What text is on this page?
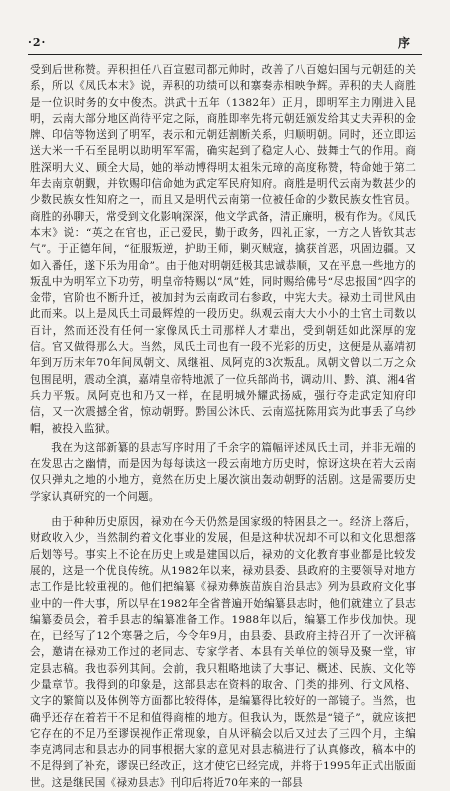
·2·	序

受到后世称赞。弄积担任八百宣慰司都元帅时，改善了八百媳妇国与元朝廷的关系，所以《凤氏本末》说，弄积的功绩可以和寨奏赤相映争辉。弄积的夫人商胜是一位识时务的女中俊杰。洪武十五年（1382年）正月，即明军主力刚进入昆明，云南大部分地区尚待平定之际，商胜即率先将元朝廷颁发给其丈夫弄积的金牌、印信等物送到了明军，表示和元朝廷割断关系，归顺明朝。同时，还立即运送大米一千石至昆明以助明军军需，确实起到了稳定人心、鼓舞士气的作用。商胜深明大义、顾全大局，她的举动博得明太祖朱元璋的高度称赞，特命她于第二年去南京朝觐，并钦赐印信命她为武定军民府知府。商胜是明代云南为数甚少的少数民族女性知府之一，而且又是明代云南第一位被任命的少数民族女性官员。商胜的孙聊天，常受到文化影响深深，他文学武备，清正廉明，极有作为。《凤氏本末》说：“英之在官也，正己爱民，勤于政务，四礼正家，一方之人皆钦其志气”。于正德年间，“征服叛逆，护助王师，剿灭贼寇，擒获首恶，巩固边疆。又如入番任，遂下乐为用命”。由于他对明朝廷极其忠诚恭顺，又在平息一些地方的叛乱中为明军立下功劳，明皇帝特赐以“凤”姓，同时赐给佛号“尽忠报国”四字的金带，官阶也不断升迁，被加封为云南政司右参政，中宪大夫。禄劝土司世风由此而来。以上是凤氏土司最辉煌的一段历史。纵观云南大大小小的土官土司数以百计，然而还没有任何一家像凤氏土司那样人才辈出，受到朝廷如此深厚的宠信。官又做得那么大。当然，凤氏土司也有一段不光彩的历史，这便是从嘉靖初年到万历末年70年间凤朝文、凤继祖、凤阿克的3次叛乱。凤朝文曾以二万之众包围昆明，震动全滇，嘉靖皇帝特地派了一位兵部尚书，调动川、黔、滇、湘4省兵力平叛。凤阿克也和乃又一样，在昆明城外耀武扬威，强行夺走武定知府印信，又一次震撼全省，惊动朝野。黔国公沐氏、云南巡抚陈用宾为此事丢了乌纱帽，被投入监狱。

我在为这部新纂的县志写序时用了千余字的篇幅评述凤氏土司，并非无端的在发思古之幽情，而是因为每每读这一段云南地方历史时，惊讶这块在若大云南仅只弹丸之地的小地方，竟然在历史上屡次演出轰动朝野的活剧。这是需要历史学家认真研究的一个问题。

由于种种历史原因，禄劝在今天仍然是国家级的特困县之一。经济上落后，财政收入少，当然制约着文化事业的发展，但是这种状况却不可以和文化思想落后划等号。事实上不论在历史上或是建国以后，禄劝的文化教育事业都是比较发展的，这是一个优良传统。从1982年以来，禄劝县委、县政府的主要领导对地方志工作是比较重视的。他们把编纂《禄劝彝族苗族自治县志》列为县政府文化事业中的一件大事，所以早在1982年全省普遍开始编纂县志时，他们就建立了县志编纂委员会，着手县志的编纂准备工作。1988年以后，编纂工作步伐加快。现在，已经写了12个寒暑之后，今令年9月，由县委、县政府主持召开了一次评稿会，邀请在禄劝工作过的老同志、专家学者、本县有关单位的领导及聚一堂，审定县志稿。我也忝列其间。会前，我只粗略地读了大事记、概述、民族、文化等少量章节。我得到的印象是，这部县志在资料的取舍、门类的排列、行文风格、文字的繁简以及体例等方面都比较得体，是编纂得比较好的一部镜子。当然，也确乎还存在着若干不足和值得商榷的地方。但我认为，既然是“镜子”，就应该把它存在的不足乃至谬误视作正常现象，自从评稿会以后又过去了三四个月，主编李克鸿同志和县志办的同事根据大家的意见对县志稿进行了认真修改，稿本中的不足得到了补充，谬误已经改正，这才使它已经完成，并将于1995年正式出版面世。这是继民国《禄劝县志》刊印后将近70年来的一部县
